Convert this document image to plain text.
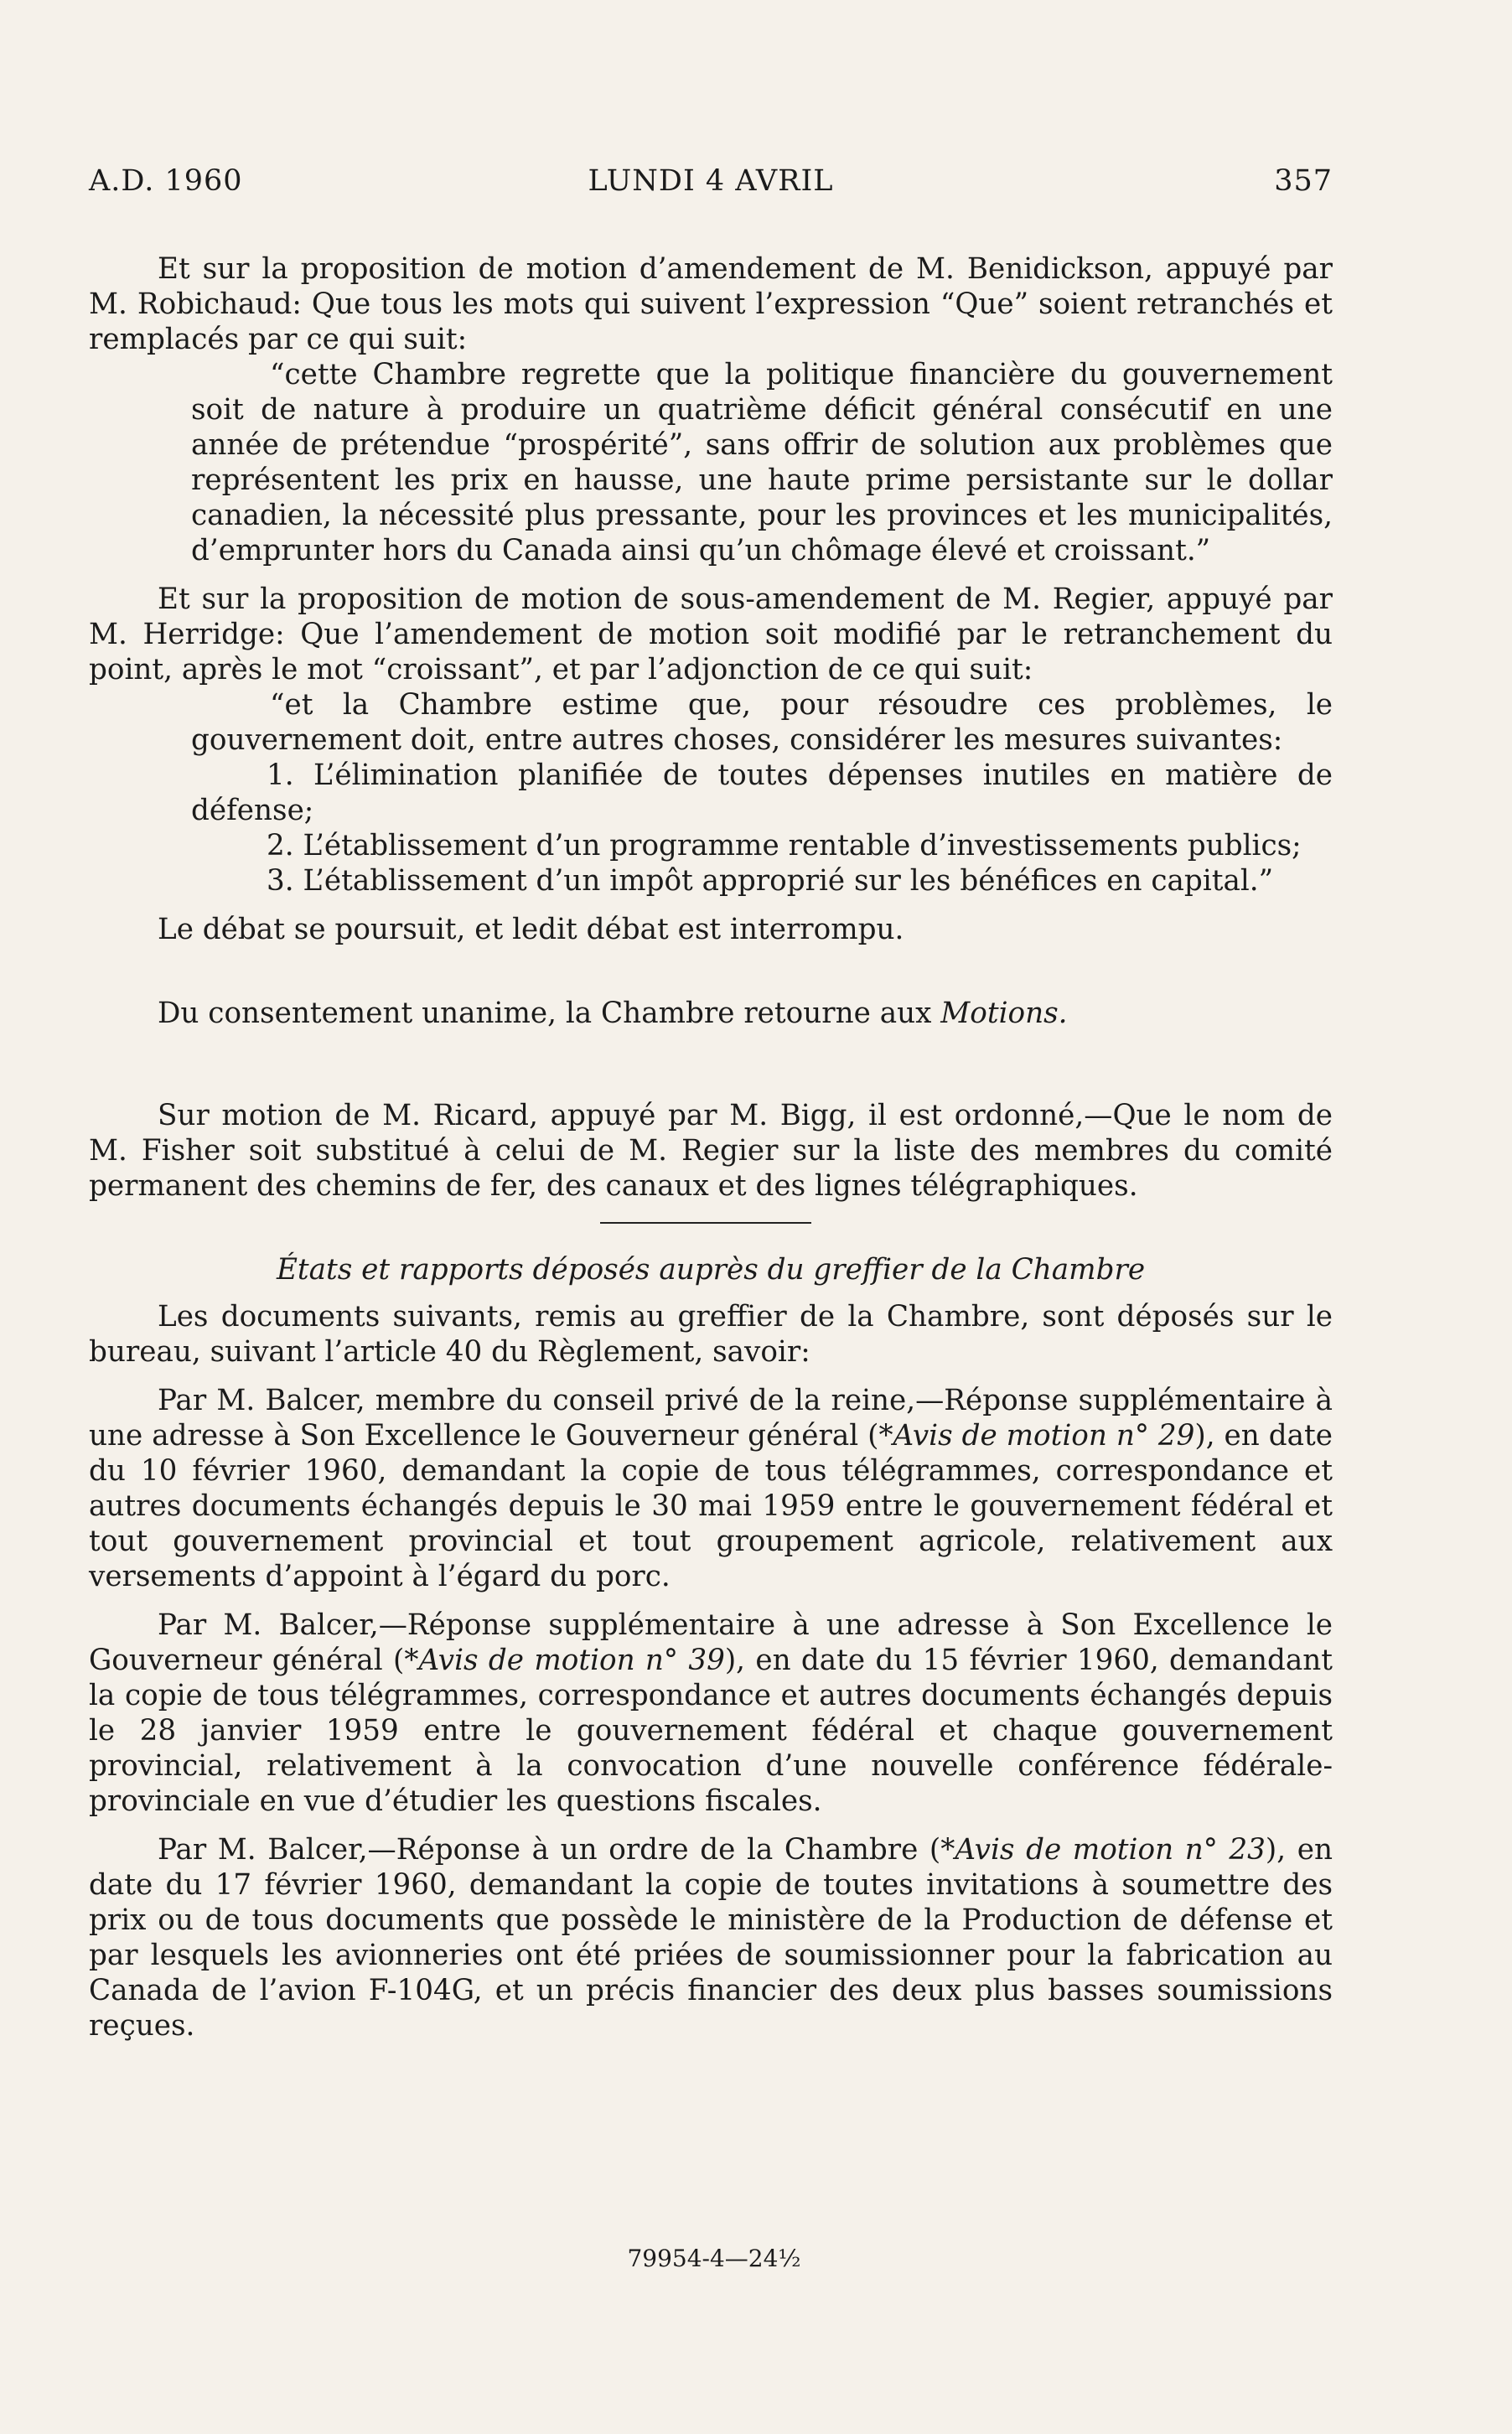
A.D. 1960	LUNDI 4 AVRIL	357

Et sur la proposition de motion d’amendement de M. Benidickson, appuyé par M. Robichaud: Que tous les mots qui suivent l’expression “Que” soient retranchés et remplacés par ce qui suit:

“cette Chambre regrette que la politique financière du gouvernement soit de nature à produire un quatrième déficit général consécutif en une année de prétendue “prospérité”, sans offrir de solution aux problèmes que représentent les prix en hausse, une haute prime persistante sur le dollar canadien, la nécessité plus pressante, pour les provinces et les municipalités, d’emprunter hors du Canada ainsi qu’un chômage élevé et croissant.”

Et sur la proposition de motion de sous-amendement de M. Regier, appuyé par M. Herridge: Que l’amendement de motion soit modifié par le retranchement du point, après le mot “croissant”, et par l’adjonction de ce qui suit:

“et la Chambre estime que, pour résoudre ces problèmes, le gouvernement doit, entre autres choses, considérer les mesures suivantes:

1. L’élimination planifiée de toutes dépenses inutiles en matière de défense;

2. L’établissement d’un programme rentable d’investissements publics;

3. L’établissement d’un impôt approprié sur les bénéfices en capital.”

Le débat se poursuit, et ledit débat est interrompu.

Du consentement unanime, la Chambre retourne aux Motions.

Sur motion de M. Ricard, appuyé par M. Bigg, il est ordonné,—Que le nom de M. Fisher soit substitué à celui de M. Regier sur la liste des membres du comité permanent des chemins de fer, des canaux et des lignes télégraphiques.

États et rapports déposés auprès du greffier de la Chambre

Les documents suivants, remis au greffier de la Chambre, sont déposés sur le bureau, suivant l’article 40 du Règlement, savoir:

Par M. Balcer, membre du conseil privé de la reine,—Réponse supplémentaire à une adresse à Son Excellence le Gouverneur général (*Avis de motion n° 29), en date du 10 février 1960, demandant la copie de tous télégrammes, correspondance et autres documents échangés depuis le 30 mai 1959 entre le gouvernement fédéral et tout gouvernement provincial et tout groupement agricole, relativement aux versements d’appoint à l’égard du porc.

Par M. Balcer,—Réponse supplémentaire à une adresse à Son Excellence le Gouverneur général (*Avis de motion n° 39), en date du 15 février 1960, demandant la copie de tous télégrammes, correspondance et autres documents échangés depuis le 28 janvier 1959 entre le gouvernement fédéral et chaque gouvernement provincial, relativement à la convocation d’une nouvelle conférence fédérale-provinciale en vue d’étudier les questions fiscales.

Par M. Balcer,—Réponse à un ordre de la Chambre (*Avis de motion n° 23), en date du 17 février 1960, demandant la copie de toutes invitations à soumettre des prix ou de tous documents que possède le ministère de la Production de défense et par lesquels les avionneries ont été priées de soumissionner pour la fabrication au Canada de l’avion F-104G, et un précis financier des deux plus basses soumissions reçues.

79954-4—24½
